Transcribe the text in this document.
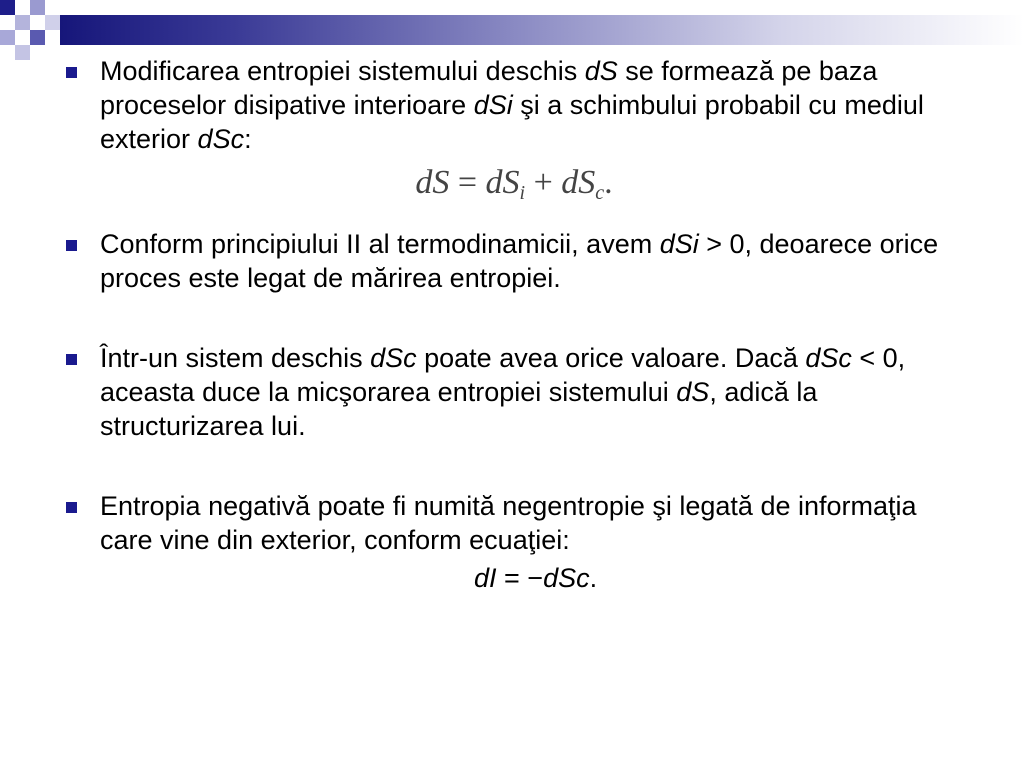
Modificarea entropiei sistemului deschis dS se formează pe baza proceselor disipative interioare dSi şi a schimbului probabil cu mediul exterior dSc:

dS = $dS_i + dS_c$.

Conform principiului II al termodinamicii, avem dSi > 0, deoarece orice proces este legat de mărirea entropiei.

Într-un sistem deschis dSc poate avea orice valoare. Dacă dSc < 0, aceasta duce la micşorarea entropiei sistemului dS, adică la structurizarea lui.

Entropia negativă poate fi numită negentropie şi legată de informaţia care vine din exterior, conform ecuaţiei:

dI = −dSc.
